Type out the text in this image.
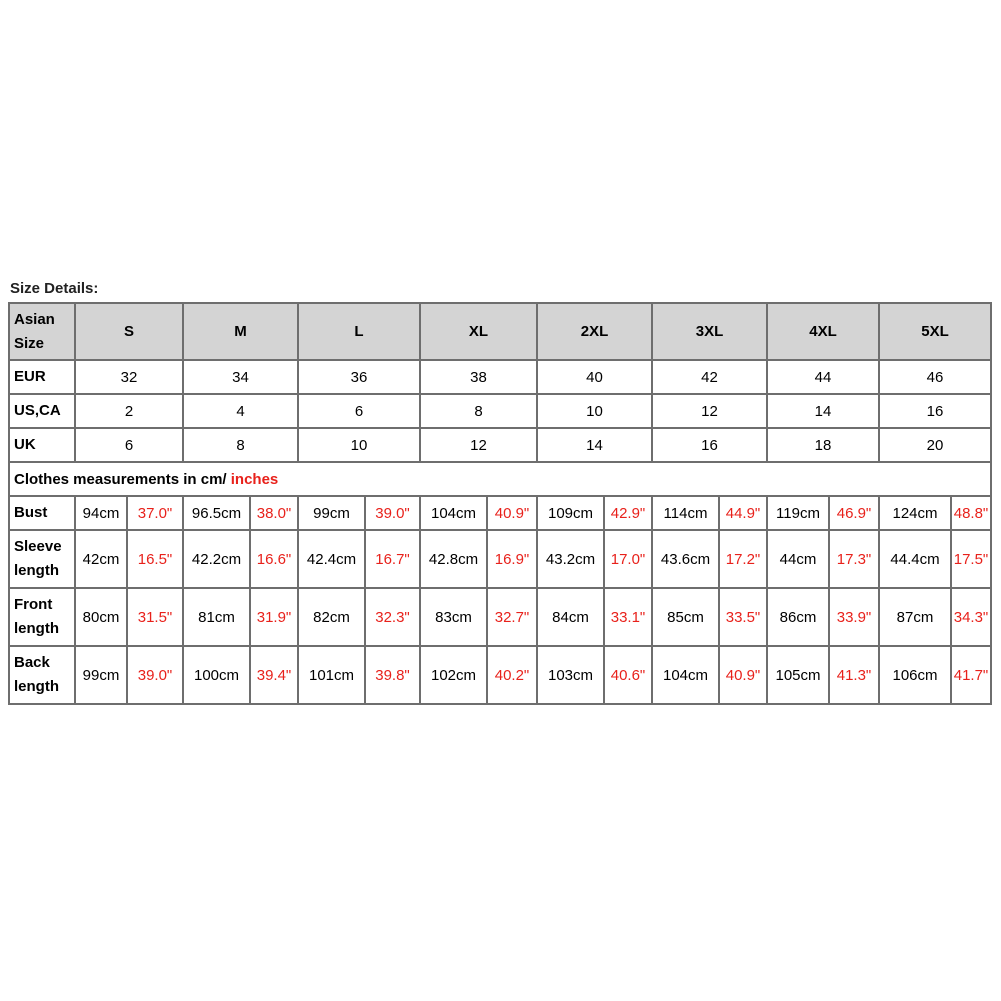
Size Details:
Asian
Size	S		M		L		XL		2XL		3XL		4XL		5XL	
EUR	32		34		36		38		40		42		44		46	
US,CA	2		4		6		8		10		12		14		16	
UK	6		8		10		12		14		16		18		20	
Clothes measurements in cm/ inches																
Bust	94cm	37.0"	96.5cm	38.0"	99cm	39.0"	104cm	40.9"	109cm	42.9"	114cm	44.9"	119cm	46.9"	124cm	48.8"
Sleeve
length	42cm	16.5"	42.2cm	16.6"	42.4cm	16.7"	42.8cm	16.9"	43.2cm	17.0"	43.6cm	17.2"	44cm	17.3"	44.4cm	17.5"
Front
length	80cm	31.5"	81cm	31.9"	82cm	32.3"	83cm	32.7"	84cm	33.1"	85cm	33.5"	86cm	33.9"	87cm	34.3"
Back
length	99cm	39.0"	100cm	39.4"	101cm	39.8"	102cm	40.2"	103cm	40.6"	104cm	40.9"	105cm	41.3"	106cm	41.7"
